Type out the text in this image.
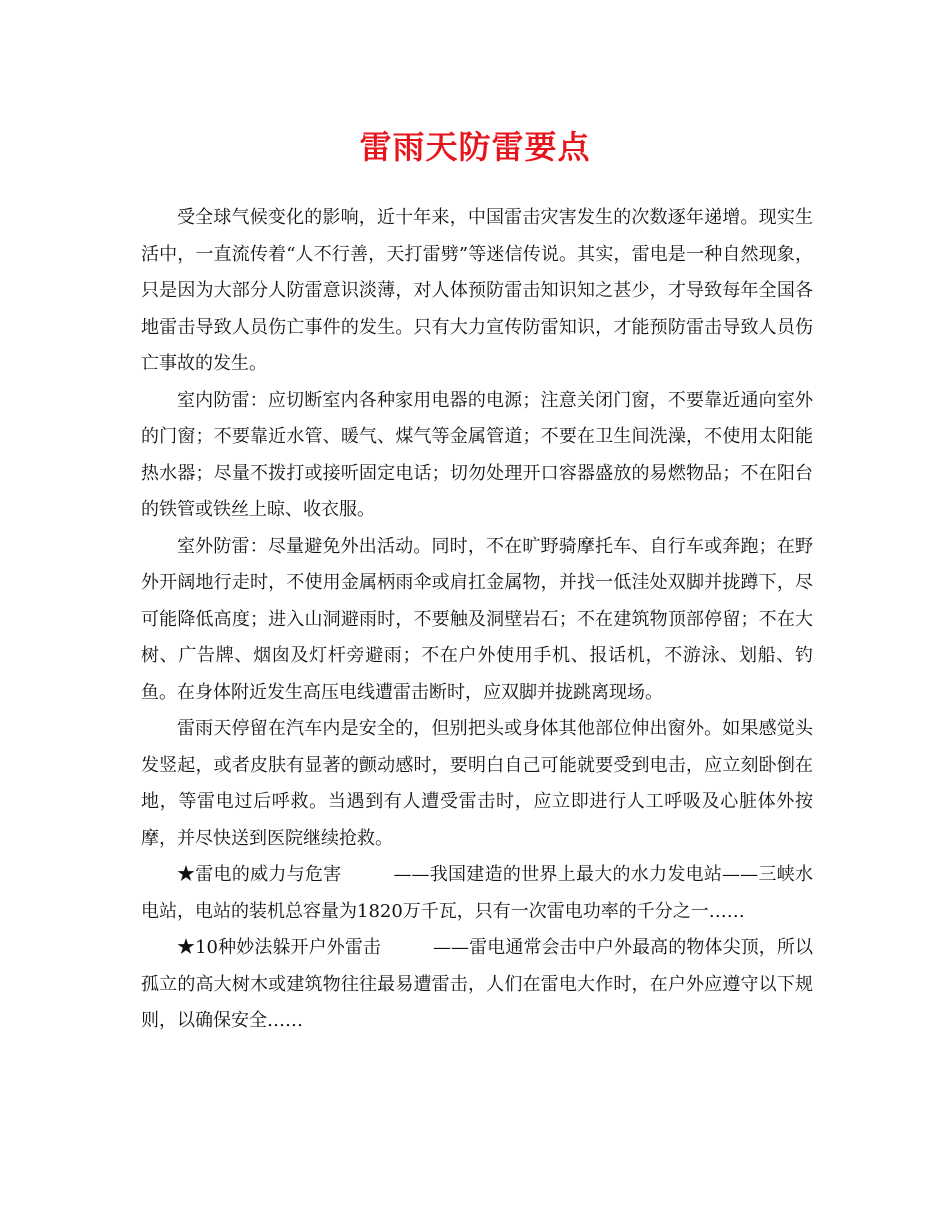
雷雨天防雷要点

受全球气候变化的影响，近十年来，中国雷击灾害发生的次数逐年递增。现实生活中，一直流传着“人不行善，天打雷劈”等迷信传说。其实，雷电是一种自然现象，只是因为大部分人防雷意识淡薄，对人体预防雷击知识知之甚少，才导致每年全国各地雷击导致人员伤亡事件的发生。只有大力宣传防雷知识，才能预防雷击导致人员伤亡事故的发生。

室内防雷：应切断室内各种家用电器的电源；注意关闭门窗，不要靠近通向室外的门窗；不要靠近水管、暖气、煤气等金属管道；不要在卫生间洗澡，不使用太阳能热水器；尽量不拨打或接听固定电话；切勿处理开口容器盛放的易燃物品；不在阳台的铁管或铁丝上晾、收衣服。

室外防雷：尽量避免外出活动。同时，不在旷野骑摩托车、自行车或奔跑；在野外开阔地行走时，不使用金属柄雨伞或肩扛金属物，并找一低洼处双脚并拢蹲下，尽可能降低高度；进入山洞避雨时，不要触及洞壁岩石；不在建筑物顶部停留；不在大树、广告牌、烟囱及灯杆旁避雨；不在户外使用手机、报话机，不游泳、划船、钓鱼。在身体附近发生高压电线遭雷击断时，应双脚并拢跳离现场。

雷雨天停留在汽车内是安全的，但别把头或身体其他部位伸出窗外。如果感觉头发竖起，或者皮肤有显著的颤动感时，要明白自己可能就要受到电击，应立刻卧倒在地，等雷电过后呼救。当遇到有人遭受雷击时，应立即进行人工呼吸及心脏体外按摩，并尽快送到医院继续抢救。

★雷电的威力与危害	——我国建造的世界上最大的水力发电站——三峡水电站，电站的装机总容量为1820万千瓦，只有一次雷电功率的千分之一……

★10种妙法躲开户外雷击	——雷电通常会击中户外最高的物体尖顶，所以孤立的高大树木或建筑物往往最易遭雷击，人们在雷电大作时，在户外应遵守以下规则，以确保安全……
